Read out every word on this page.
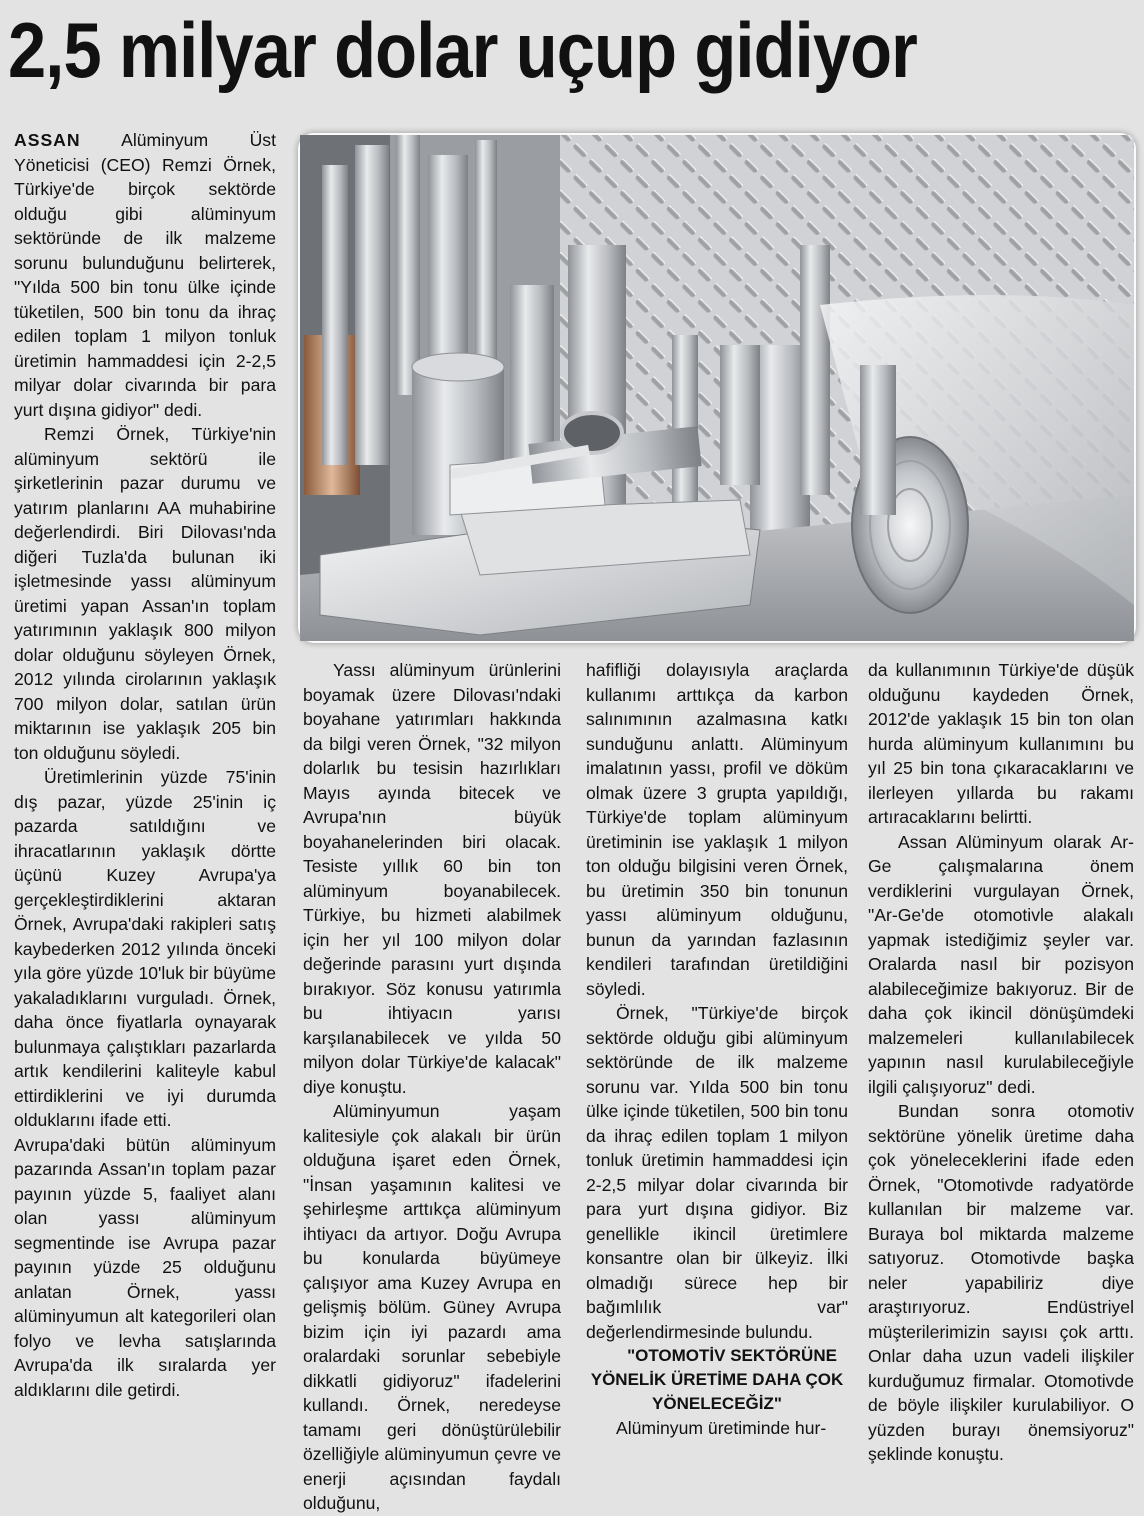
2,5 milyar dolar uçup gidiyor

ASSAN Alüminyum Üst Yöneticisi (CEO) Remzi Örnek, Türkiye'de birçok sektörde olduğu gibi alüminyum sektöründe de ilk malzeme sorunu bulunduğunu belirterek, "Yılda 500 bin tonu ülke içinde tüketilen, 500 bin tonu da ihraç edilen toplam 1 milyon tonluk üretimin hammaddesi için 2-2,5 milyar dolar civarında bir para yurt dışına gidiyor" dedi.

Remzi Örnek, Türkiye'nin alüminyum sektörü ile şirketlerinin pazar durumu ve yatırım planlarını AA muhabirine değerlendirdi. Biri Dilovası'nda diğeri Tuzla'da bulunan iki işletmesinde yassı alüminyum üretimi yapan Assan'ın toplam yatırımının yaklaşık 800 milyon dolar olduğunu söyleyen Örnek, 2012 yılında cirolarının yaklaşık 700 milyon dolar, satılan ürün miktarının ise yaklaşık 205 bin ton olduğunu söyledi.

Üretimlerinin yüzde 75'inin dış pazar, yüzde 25'inin iç pazarda satıldığını ve ihracatlarının yaklaşık dörtte üçünü Kuzey Avrupa'ya gerçekleştirdiklerini aktaran Örnek, Avrupa'daki rakipleri satış kaybederken 2012 yılında önceki yıla göre yüzde 10'luk bir büyüme yakaladıklarını vurguladı. Örnek, daha önce fiyatlarla oynayarak bulunmaya çalıştıkları pazarlarda artık kendilerini kaliteyle kabul ettirdiklerini ve iyi durumda olduklarını ifade etti.

Avrupa'daki bütün alüminyum pazarında Assan'ın toplam pazar payının yüzde 5, faaliyet alanı olan yassı alüminyum segmentinde ise Avrupa pazar payının yüzde 25 olduğunu anlatan Örnek, yassı alüminyumun alt kategorileri olan folyo ve levha satışlarında Avrupa'da ilk sıralarda yer aldıklarını dile getirdi.

Yassı alüminyum ürünlerini boyamak üzere Dilovası'ndaki boyahane yatırımları hakkında da bilgi veren Örnek, "32 milyon dolarlık bu tesisin hazırlıkları Mayıs ayında bitecek ve Avrupa'nın büyük boyahanelerinden biri olacak. Tesiste yıllık 60 bin ton alüminyum boyanabilecek. Türkiye, bu hizmeti alabilmek için her yıl 100 milyon dolar değerinde parasını yurt dışında bırakıyor. Söz konusu yatırımla bu ihtiyacın yarısı karşılanabilecek ve yılda 50 milyon dolar Türkiye'de kalacak" diye konuştu.

Alüminyumun yaşam kalitesiyle çok alakalı bir ürün olduğuna işaret eden Örnek, "İnsan yaşamının kalitesi ve şehirleşme arttıkça alüminyum ihtiyacı da artıyor. Doğu Avrupa bu konularda büyümeye çalışıyor ama Kuzey Avrupa en gelişmiş bölüm. Güney Avrupa bizim için iyi pazardı ama oralardaki sorunlar sebebiyle dikkatli gidiyoruz" ifadelerini kullandı. Örnek, neredeyse tamamı geri dönüştürülebilir özelliğiyle alüminyumun çevre ve enerji açısından faydalı olduğunu,

hafifliği dolayısıyla araçlarda kullanımı arttıkça da karbon salınımının azalmasına katkı sunduğunu anlattı. Alüminyum imalatının yassı, profil ve döküm olmak üzere 3 grupta yapıldığı, Türkiye'de toplam alüminyum üretiminin ise yaklaşık 1 milyon ton olduğu bilgisini veren Örnek, bu üretimin 350 bin tonunun yassı alüminyum olduğunu, bunun da yarından fazlasının kendileri tarafından üretildiğini söyledi.

Örnek, "Türkiye'de birçok sektörde olduğu gibi alüminyum sektöründe de ilk malzeme sorunu var. Yılda 500 bin tonu ülke içinde tüketilen, 500 bin tonu da ihraç edilen toplam 1 milyon tonluk üretimin hammaddesi için 2-2,5 milyar dolar civarında bir para yurt dışına gidiyor. Biz genellikle ikincil üretimlere konsantre olan bir ülkeyiz. İlki olmadığı sürece hep bir bağımlılık var" değerlendirmesinde bulundu.

"OTOMOTİV SEKTÖRÜNE YÖNELİK ÜRETİME DAHA ÇOK YÖNELECEĞİZ"

Alüminyum üretiminde hur-

da kullanımının Türkiye'de düşük olduğunu kaydeden Örnek, 2012'de yaklaşık 15 bin ton olan hurda alüminyum kullanımını bu yıl 25 bin tona çıkaracaklarını ve ilerleyen yıllarda bu rakamı artıracaklarını belirtti.

Assan Alüminyum olarak Ar-Ge çalışmalarına önem verdiklerini vurgulayan Örnek, "Ar-Ge'de otomotivle alakalı yapmak istediğimiz şeyler var. Oralarda nasıl bir pozisyon alabileceğimize bakıyoruz. Bir de daha çok ikincil dönüşümdeki malzemeleri kullanılabilecek yapının nasıl kurulabileceğiyle ilgili çalışıyoruz" dedi.

Bundan sonra otomotiv sektörüne yönelik üretime daha çok yöneleceklerini ifade eden Örnek, "Otomotivde radyatörde kullanılan bir malzeme var. Buraya bol miktarda malzeme satıyoruz. Otomotivde başka neler yapabiliriz diye araştırıyoruz. Endüstriyel müşterilerimizin sayısı çok arttı. Onlar daha uzun vadeli ilişkiler kurduğumuz firmalar. Otomotivde de böyle ilişkiler kurulabiliyor. O yüzden burayı önemsiyoruz" şeklinde konuştu.
